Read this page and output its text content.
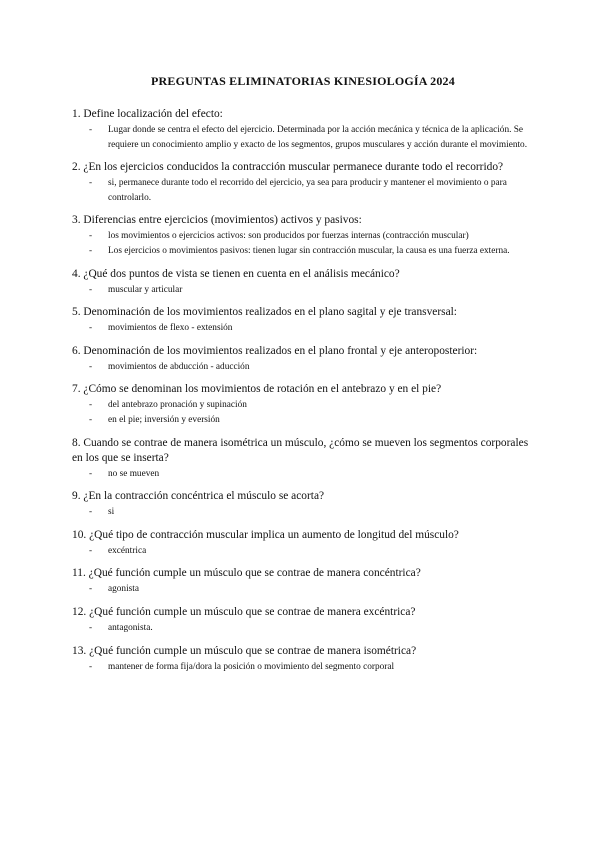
PREGUNTAS ELIMINATORIAS KINESIOLOGÍA 2024

1. Define localización del efecto:

- Lugar donde se centra el efecto del ejercicio. Determinada por la acción mecánica y técnica de la aplicación. Se requiere un conocimiento amplio y exacto de los segmentos, grupos musculares y acción durante el movimiento.

2. ¿En los ejercicios conducidos la contracción muscular permanece durante todo el recorrido?

- si, permanece durante todo el recorrido del ejercicio, ya sea para producir y mantener el movimiento o para controlarlo.

3. Diferencias entre ejercicios (movimientos) activos y pasivos:

- los movimientos o ejercicios activos: son producidos por fuerzas internas (contracción muscular)
- Los ejercicios o movimientos pasivos: tienen lugar sin contracción muscular, la causa es una fuerza externa.

4. ¿Qué dos puntos de vista se tienen en cuenta en el análisis mecánico?

- muscular y articular

5. Denominación de los movimientos realizados en el plano sagital y eje transversal:

- movimientos de flexo - extensión

6. Denominación de los movimientos realizados en el plano frontal y eje anteroposterior:

- movimientos de abducción - aducción

7. ¿Cómo se denominan los movimientos de rotación en el antebrazo y en el pie?

- del antebrazo pronación y supinación
- en el pie; inversión y eversión

8. Cuando se contrae de manera isométrica un músculo, ¿cómo se mueven los segmentos corporales en los que se inserta?

- no se mueven

9. ¿En la contracción concéntrica el músculo se acorta?

- si

10. ¿Qué tipo de contracción muscular implica un aumento de longitud del músculo?

- excéntrica

11. ¿Qué función cumple un músculo que se contrae de manera concéntrica?

- agonista

12. ¿Qué función cumple un músculo que se contrae de manera excéntrica?

- antagonista.

13. ¿Qué función cumple un músculo que se contrae de manera isométrica?

- mantener de forma fija/dora la posición o movimiento del segmento corporal
